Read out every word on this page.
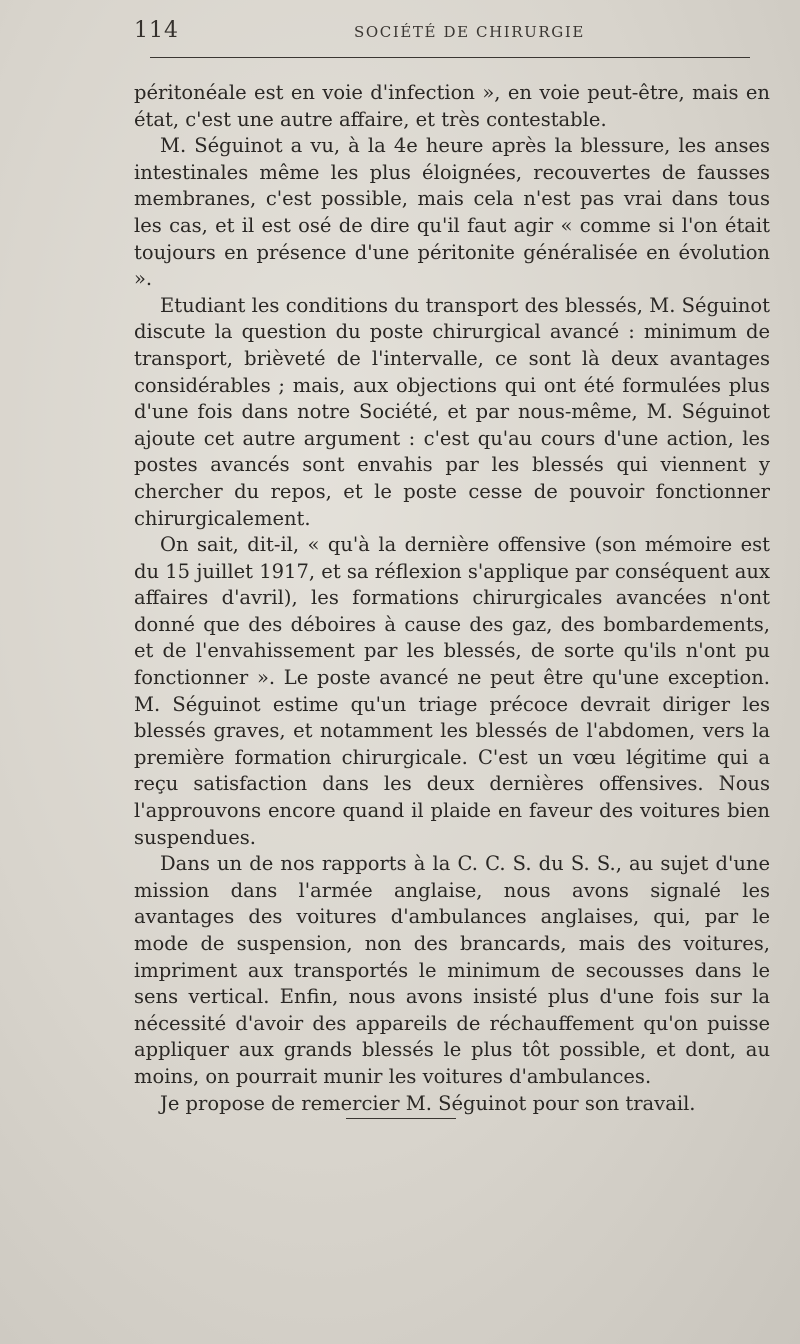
114	SOCIÉTÉ DE CHIRURGIE

péritonéale est en voie d'infection », en voie peut-être, mais en état, c'est une autre affaire, et très contestable.

M. Séguinot a vu, à la 4e heure après la blessure, les anses intestinales même les plus éloignées, recouvertes de fausses membranes, c'est possible, mais cela n'est pas vrai dans tous les cas, et il est osé de dire qu'il faut agir « comme si l'on était toujours en présence d'une péritonite généralisée en évolution ».

Etudiant les conditions du transport des blessés, M. Séguinot discute la question du poste chirurgical avancé : minimum de transport, brièveté de l'intervalle, ce sont là deux avantages considérables ; mais, aux objections qui ont été formulées plus d'une fois dans notre Société, et par nous-même, M. Séguinot ajoute cet autre argument : c'est qu'au cours d'une action, les postes avancés sont envahis par les blessés qui viennent y chercher du repos, et le poste cesse de pouvoir fonctionner chirurgicalement.

On sait, dit-il, « qu'à la dernière offensive (son mémoire est du 15 juillet 1917, et sa réflexion s'applique par conséquent aux affaires d'avril), les formations chirurgicales avancées n'ont donné que des déboires à cause des gaz, des bombardements, et de l'envahissement par les blessés, de sorte qu'ils n'ont pu fonctionner ». Le poste avancé ne peut être qu'une exception. M. Séguinot estime qu'un triage précoce devrait diriger les blessés graves, et notamment les blessés de l'abdomen, vers la première formation chirurgicale. C'est un vœu légitime qui a reçu satisfaction dans les deux dernières offensives. Nous l'approuvons encore quand il plaide en faveur des voitures bien suspendues.

Dans un de nos rapports à la C. C. S. du S. S., au sujet d'une mission dans l'armée anglaise, nous avons signalé les avantages des voitures d'ambulances anglaises, qui, par le mode de suspension, non des brancards, mais des voitures, impriment aux transportés le minimum de secousses dans le sens vertical. Enfin, nous avons insisté plus d'une fois sur la nécessité d'avoir des appareils de réchauffement qu'on puisse appliquer aux grands blessés le plus tôt possible, et dont, au moins, on pourrait munir les voitures d'ambulances.

Je propose de remercier M. Séguinot pour son travail.
